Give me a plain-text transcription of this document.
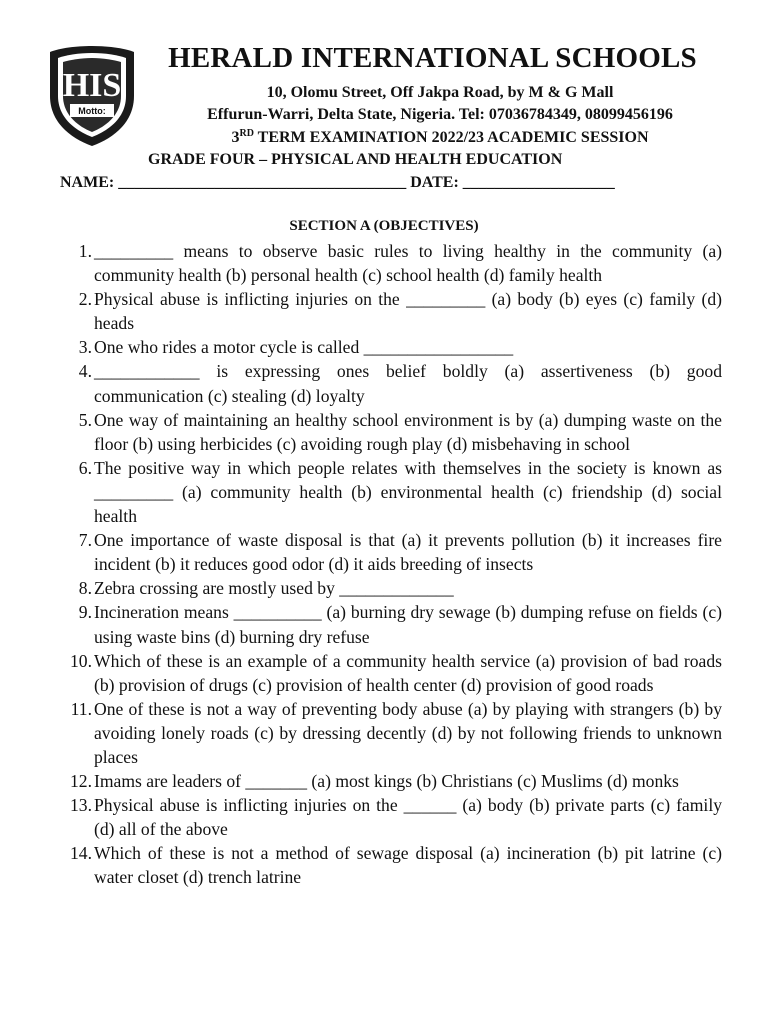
HIS
Motto:
HERALD INTERNATIONAL SCHOOLS
10, Olomu Street, Off Jakpa Road, by M & G Mall
Effurun-Warri, Delta State, Nigeria. Tel: 07036784349, 08099456196
3RD TERM EXAMINATION 2022/23 ACADEMIC SESSION
GRADE FOUR – PHYSICAL AND HEALTH EDUCATION
NAME: ____________________________________ DATE: ___________________
SECTION A (OBJECTIVES)
1. _________ means to observe basic rules to living healthy in the community (a) community health (b) personal health (c) school health (d) family health
2. Physical abuse is inflicting injuries on the _________ (a) body (b) eyes (c) family (d) heads
3. One who rides a motor cycle is called _________________
4. ____________ is expressing ones belief boldly (a) assertiveness (b) good communication (c) stealing (d) loyalty
5. One way of maintaining an healthy school environment is by (a) dumping waste on the floor (b) using herbicides (c) avoiding rough play (d) misbehaving in school
6. The positive way in which people relates with themselves in the society is known as _________ (a) community health (b) environmental health (c) friendship (d) social health
7. One importance of waste disposal is that (a) it prevents pollution (b) it increases fire incident (b) it reduces good odor (d) it aids breeding of insects
8. Zebra crossing are mostly used by _____________
9. Incineration means __________ (a) burning dry sewage (b) dumping refuse on fields (c) using waste bins (d) burning dry refuse
10. Which of these is an example of a community health service (a) provision of bad roads (b) provision of drugs (c) provision of health center (d) provision of good roads
11. One of these is not a way of preventing body abuse (a) by playing with strangers (b) by avoiding lonely roads (c) by dressing decently (d) by not following friends to unknown places
12. Imams are leaders of _______ (a) most kings (b) Christians (c) Muslims (d) monks
13. Physical abuse is inflicting injuries on the ______ (a) body (b) private parts (c) family (d) all of the above
14. Which of these is not a method of sewage disposal (a) incineration (b) pit latrine (c) water closet (d) trench latrine
